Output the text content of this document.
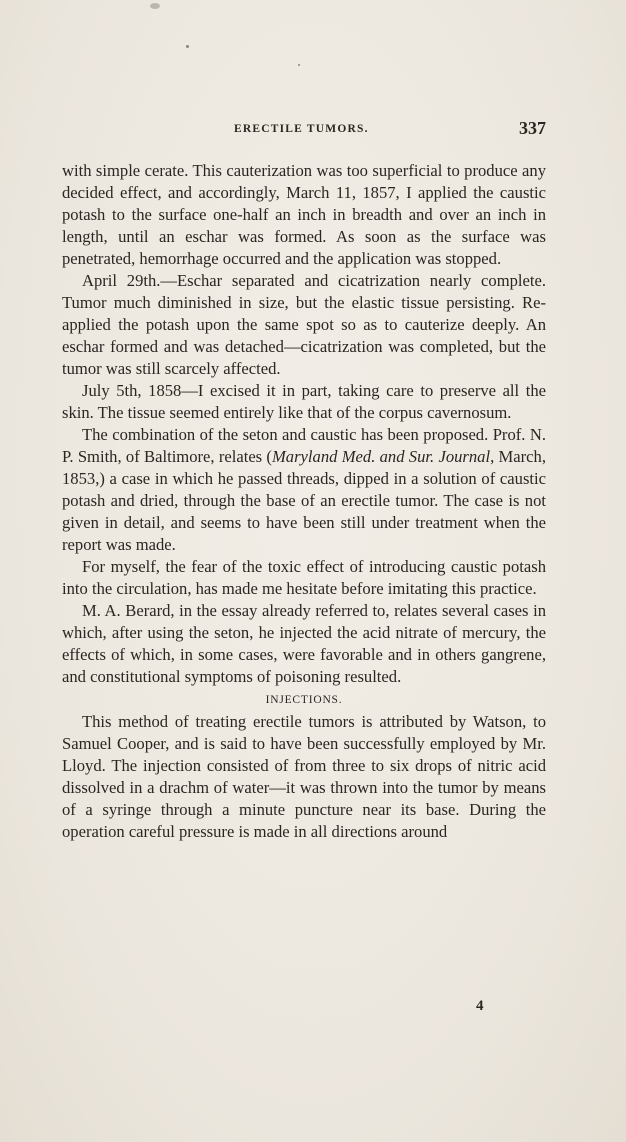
ERECTILE TUMORS.	337

with simple cerate. This cauterization was too superficial to produce any decided effect, and accordingly, March 11, 1857, I applied the caustic potash to the surface one-half an inch in breadth and over an inch in length, until an eschar was formed. As soon as the surface was penetrated, hemorrhage occurred and the application was stopped.

April 29th.—Eschar separated and cicatrization nearly complete. Tumor much diminished in size, but the elastic tissue persisting. Re-applied the potash upon the same spot so as to cauterize deeply. An eschar formed and was detached—cicatrization was completed, but the tumor was still scarcely affected.

July 5th, 1858—I excised it in part, taking care to preserve all the skin. The tissue seemed entirely like that of the corpus cavernosum.

The combination of the seton and caustic has been proposed. Prof. N. P. Smith, of Baltimore, relates (Maryland Med. and Sur. Journal, March, 1853,) a case in which he passed threads, dipped in a solution of caustic potash and dried, through the base of an erectile tumor. The case is not given in detail, and seems to have been still under treatment when the report was made.

For myself, the fear of the toxic effect of introducing caustic potash into the circulation, has made me hesitate before imitating this practice.

M. A. Berard, in the essay already referred to, relates several cases in which, after using the seton, he injected the acid nitrate of mercury, the effects of which, in some cases, were favorable and in others gangrene, and constitutional symptoms of poisoning resulted.

INJECTIONS.

This method of treating erectile tumors is attributed by Watson, to Samuel Cooper, and is said to have been successfully employed by Mr. Lloyd. The injection consisted of from three to six drops of nitric acid dissolved in a drachm of water—it was thrown into the tumor by means of a syringe through a minute puncture near its base. During the operation careful pressure is made in all directions around

4
